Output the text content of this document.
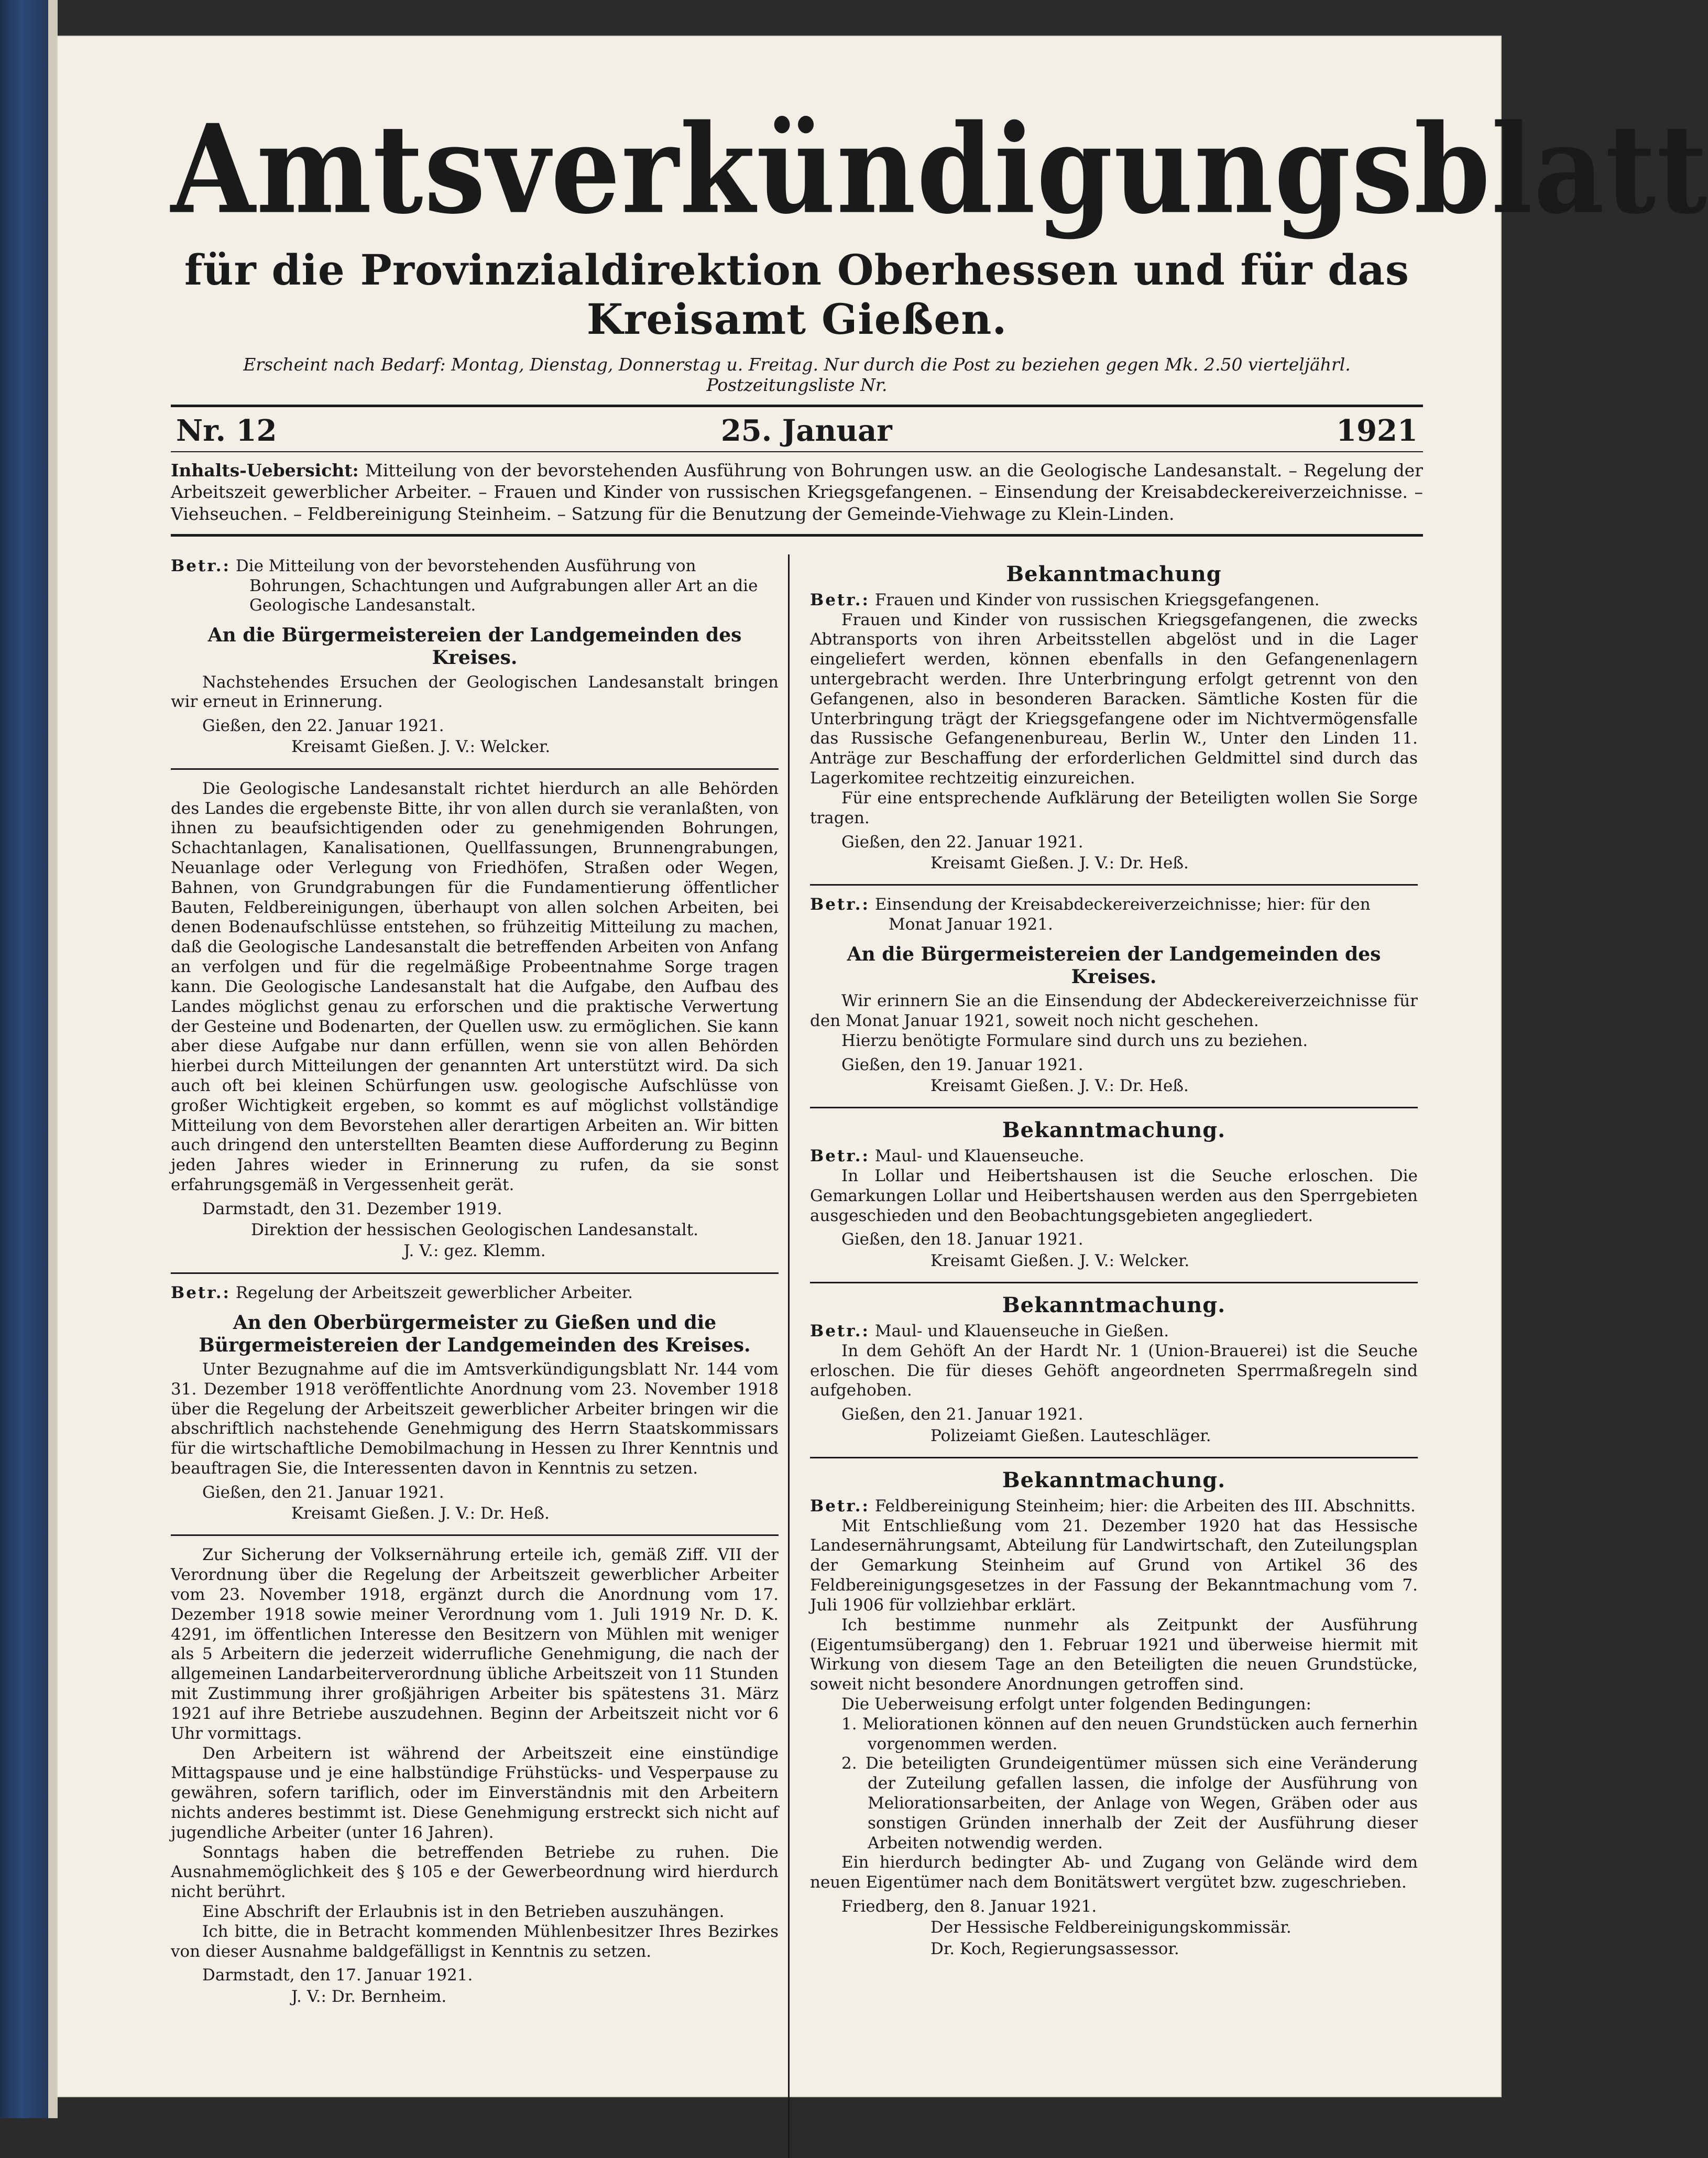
Amtsverkündigungsblatt
für die Provinzialdirektion Oberhessen und für das Kreisamt Gießen.
Erscheint nach Bedarf: Montag, Dienstag, Donnerstag u. Freitag. Nur durch die Post zu beziehen gegen Mk. 2.50 vierteljährl. Postzeitungsliste Nr.
Nr. 12	25. Januar	1921
Inhalts-Uebersicht: Mitteilung von der bevorstehenden Ausführung von Bohrungen usw. an die Geologische Landesanstalt. – Regelung der Arbeitszeit gewerblicher Arbeiter. – Frauen und Kinder von russischen Kriegsgefangenen. – Einsendung der Kreisabdeckereiverzeichnisse. – Viehseuchen. – Feldbereinigung Steinheim. – Satzung für die Benutzung der Gemeinde-Viehwage zu Klein-Linden.

Betr.: Die Mitteilung von der bevorstehenden Ausführung von Bohrungen, Schachtungen und Aufgrabungen aller Art an die Geologische Landesanstalt.

An die Bürgermeistereien der Landgemeinden des Kreises.

Nachstehendes Ersuchen der Geologischen Landesanstalt bringen wir erneut in Erinnerung.

Gießen, den 22. Januar 1921.

Kreisamt Gießen. J. V.: Welcker.

Die Geologische Landesanstalt richtet hierdurch an alle Behörden des Landes die ergebenste Bitte, ihr von allen durch sie veranlaßten, von ihnen zu beaufsichtigenden oder zu genehmigenden Bohrungen, Schachtanlagen, Kanalisationen, Quellfassungen, Brunnengrabungen, Neuanlage oder Verlegung von Friedhöfen, Straßen oder Wegen, Bahnen, von Grundgrabungen für die Fundamentierung öffentlicher Bauten, Feldbereinigungen, überhaupt von allen solchen Arbeiten, bei denen Bodenaufschlüsse entstehen, so frühzeitig Mitteilung zu machen, daß die Geologische Landesanstalt die betreffenden Arbeiten von Anfang an verfolgen und für die regelmäßige Probeentnahme Sorge tragen kann. Die Geologische Landesanstalt hat die Aufgabe, den Aufbau des Landes möglichst genau zu erforschen und die praktische Verwertung der Gesteine und Bodenarten, der Quellen usw. zu ermöglichen. Sie kann aber diese Aufgabe nur dann erfüllen, wenn sie von allen Behörden hierbei durch Mitteilungen der genannten Art unterstützt wird. Da sich auch oft bei kleinen Schürfungen usw. geologische Aufschlüsse von großer Wichtigkeit ergeben, so kommt es auf möglichst vollständige Mitteilung von dem Bevorstehen aller derartigen Arbeiten an. Wir bitten auch dringend den unterstellten Beamten diese Aufforderung zu Beginn jeden Jahres wieder in Erinnerung zu rufen, da sie sonst erfahrungsgemäß in Vergessenheit gerät.

Darmstadt, den 31. Dezember 1919.

Direktion der hessischen Geologischen Landesanstalt.

J. V.: gez. Klemm.

Betr.: Regelung der Arbeitszeit gewerblicher Arbeiter.

An den Oberbürgermeister zu Gießen und die Bürgermeistereien der Landgemeinden des Kreises.

Unter Bezugnahme auf die im Amtsverkündigungsblatt Nr. 144 vom 31. Dezember 1918 veröffentlichte Anordnung vom 23. November 1918 über die Regelung der Arbeitszeit gewerblicher Arbeiter bringen wir die abschriftlich nachstehende Genehmigung des Herrn Staatskommissars für die wirtschaftliche Demobilmachung in Hessen zu Ihrer Kenntnis und beauftragen Sie, die Interessenten davon in Kenntnis zu setzen.

Gießen, den 21. Januar 1921.

Kreisamt Gießen. J. V.: Dr. Heß.

Zur Sicherung der Volksernährung erteile ich, gemäß Ziff. VII der Verordnung über die Regelung der Arbeitszeit gewerblicher Arbeiter vom 23. November 1918, ergänzt durch die Anordnung vom 17. Dezember 1918 sowie meiner Verordnung vom 1. Juli 1919 Nr. D. K. 4291, im öffentlichen Interesse den Besitzern von Mühlen mit weniger als 5 Arbeitern die jederzeit widerrufliche Genehmigung, die nach der allgemeinen Landarbeiterverordnung übliche Arbeitszeit von 11 Stunden mit Zustimmung ihrer großjährigen Arbeiter bis spätestens 31. März 1921 auf ihre Betriebe auszudehnen. Beginn der Arbeitszeit nicht vor 6 Uhr vormittags.

Den Arbeitern ist während der Arbeitszeit eine einstündige Mittagspause und je eine halbstündige Frühstücks- und Vesperpause zu gewähren, sofern tariflich, oder im Einverständnis mit den Arbeitern nichts anderes bestimmt ist. Diese Genehmigung erstreckt sich nicht auf jugendliche Arbeiter (unter 16 Jahren).

Sonntags haben die betreffenden Betriebe zu ruhen. Die Ausnahmemöglichkeit des § 105 e der Gewerbeordnung wird hierdurch nicht berührt.

Eine Abschrift der Erlaubnis ist in den Betrieben auszuhängen.

Ich bitte, die in Betracht kommenden Mühlenbesitzer Ihres Bezirkes von dieser Ausnahme baldgefälligst in Kenntnis zu setzen.

Darmstadt, den 17. Januar 1921.

J. V.: Dr. Bernheim.

Bekanntmachung

Betr.: Frauen und Kinder von russischen Kriegsgefangenen.

Frauen und Kinder von russischen Kriegsgefangenen, die zwecks Abtransports von ihren Arbeitsstellen abgelöst und in die Lager eingeliefert werden, können ebenfalls in den Gefangenenlagern untergebracht werden. Ihre Unterbringung erfolgt getrennt von den Gefangenen, also in besonderen Baracken. Sämtliche Kosten für die Unterbringung trägt der Kriegsgefangene oder im Nichtvermögensfalle das Russische Gefangenenbureau, Berlin W., Unter den Linden 11. Anträge zur Beschaffung der erforderlichen Geldmittel sind durch das Lagerkomitee rechtzeitig einzureichen.

Für eine entsprechende Aufklärung der Beteiligten wollen Sie Sorge tragen.

Gießen, den 22. Januar 1921.

Kreisamt Gießen. J. V.: Dr. Heß.

Betr.: Einsendung der Kreisabdeckereiverzeichnisse; hier: für den Monat Januar 1921.

An die Bürgermeistereien der Landgemeinden des Kreises.

Wir erinnern Sie an die Einsendung der Abdeckereiverzeichnisse für den Monat Januar 1921, soweit noch nicht geschehen.

Hierzu benötigte Formulare sind durch uns zu beziehen.

Gießen, den 19. Januar 1921.

Kreisamt Gießen. J. V.: Dr. Heß.

Bekanntmachung.

Betr.: Maul- und Klauenseuche.

In Lollar und Heibertshausen ist die Seuche erloschen. Die Gemarkungen Lollar und Heibertshausen werden aus den Sperrgebieten ausgeschieden und den Beobachtungsgebieten angegliedert.

Gießen, den 18. Januar 1921.

Kreisamt Gießen. J. V.: Welcker.

Bekanntmachung.

Betr.: Maul- und Klauenseuche in Gießen.

In dem Gehöft An der Hardt Nr. 1 (Union-Brauerei) ist die Seuche erloschen. Die für dieses Gehöft angeordneten Sperrmaßregeln sind aufgehoben.

Gießen, den 21. Januar 1921.

Polizeiamt Gießen. Lauteschläger.

Bekanntmachung.

Betr.: Feldbereinigung Steinheim; hier: die Arbeiten des III. Abschnitts.

Mit Entschließung vom 21. Dezember 1920 hat das Hessische Landesernährungsamt, Abteilung für Landwirtschaft, den Zuteilungsplan der Gemarkung Steinheim auf Grund von Artikel 36 des Feldbereinigungsgesetzes in der Fassung der Bekanntmachung vom 7. Juli 1906 für vollziehbar erklärt.

Ich bestimme nunmehr als Zeitpunkt der Ausführung (Eigentumsübergang) den 1. Februar 1921 und überweise hiermit mit Wirkung von diesem Tage an den Beteiligten die neuen Grundstücke, soweit nicht besondere Anordnungen getroffen sind.

Die Ueberweisung erfolgt unter folgenden Bedingungen:

1. Meliorationen können auf den neuen Grundstücken auch fernerhin vorgenommen werden.

2. Die beteiligten Grundeigentümer müssen sich eine Veränderung der Zuteilung gefallen lassen, die infolge der Ausführung von Meliorationsarbeiten, der Anlage von Wegen, Gräben oder aus sonstigen Gründen innerhalb der Zeit der Ausführung dieser Arbeiten notwendig werden.

Ein hierdurch bedingter Ab- und Zugang von Gelände wird dem neuen Eigentümer nach dem Bonitätswert vergütet bzw. zugeschrieben.

Friedberg, den 8. Januar 1921.

Der Hessische Feldbereinigungskommissär.

Dr. Koch, Regierungsassessor.
